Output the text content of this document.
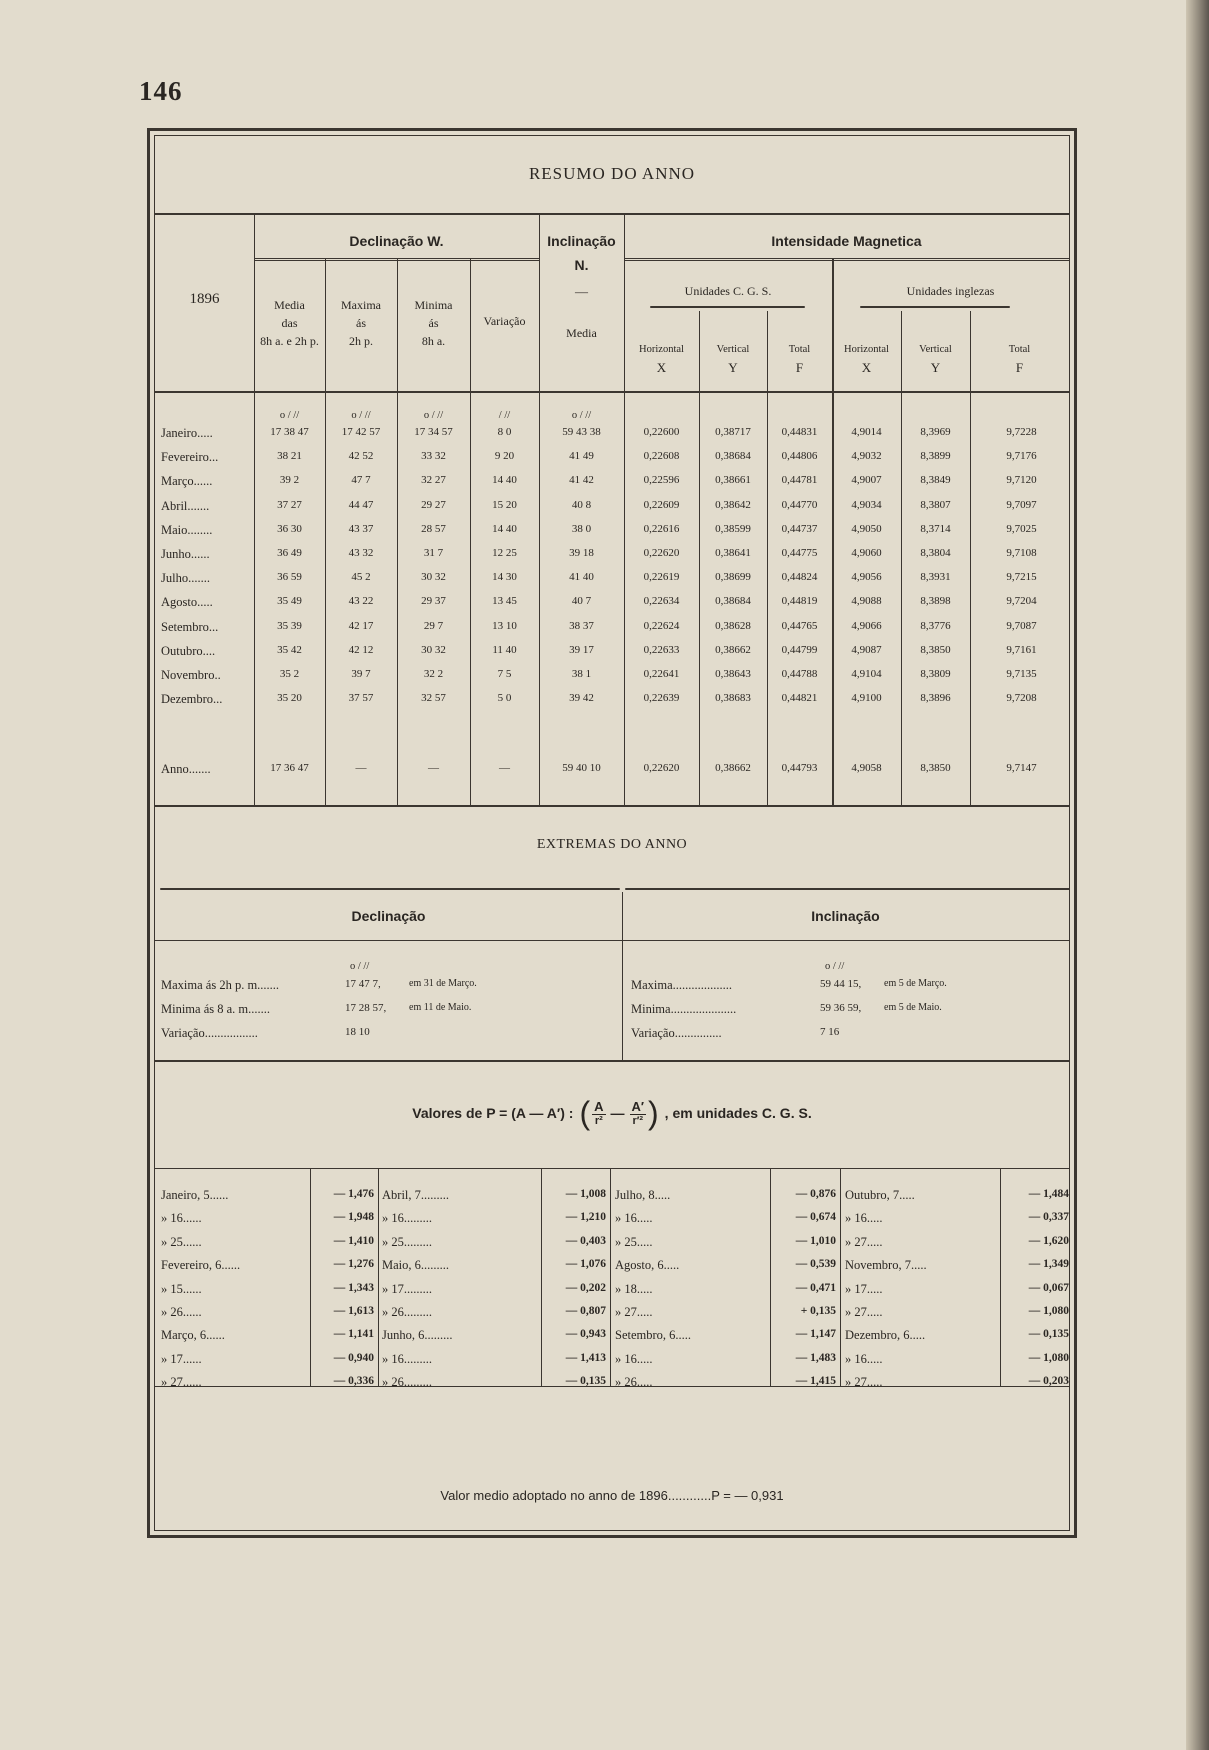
146
RESUMO DO ANNO
1896
Declinação W.	Inclinação
N.
—
Media
Intensidade Magnetica
Unidades C. G. S.	Unidades inglezas
Media
das
8h a. e 2h p.
Maxima
ás
2h p.
Minima
ás
8h a.
Variação
Horizontal
X
Vertical
Y
Total
F
Horizontal
X
Vertical
Y
Total
F
o / //	o / //	o / //	/ //	o / //
Janeiro.....	17 38 47	17 42 57	17 34 57	8 0	59 43 38	0,22600	0,38717	0,44831	4,9014	8,3969	9,7228
Fevereiro...	38 21	42 52	33 32	9 20	41 49	0,22608	0,38684	0,44806	4,9032	8,3899	9,7176
Março......	39 2	47 7	32 27	14 40	41 42	0,22596	0,38661	0,44781	4,9007	8,3849	9,7120
Abril.......	37 27	44 47	29 27	15 20	40 8	0,22609	0,38642	0,44770	4,9034	8,3807	9,7097
Maio........	36 30	43 37	28 57	14 40	38 0	0,22616	0,38599	0,44737	4,9050	8,3714	9,7025
Junho......	36 49	43 32	31 7	12 25	39 18	0,22620	0,38641	0,44775	4,9060	8,3804	9,7108
Julho.......	36 59	45 2	30 32	14 30	41 40	0,22619	0,38699	0,44824	4,9056	8,3931	9,7215
Agosto.....	35 49	43 22	29 37	13 45	40 7	0,22634	0,38684	0,44819	4,9088	8,3898	9,7204
Setembro...	35 39	42 17	29 7	13 10	38 37	0,22624	0,38628	0,44765	4,9066	8,3776	9,7087
Outubro....	35 42	42 12	30 32	11 40	39 17	0,22633	0,38662	0,44799	4,9087	8,3850	9,7161
Novembro..	35 2	39 7	32 2	7 5	38 1	0,22641	0,38643	0,44788	4,9104	8,3809	9,7135
Dezembro...	35 20	37 57	32 57	5 0	39 42	0,22639	0,38683	0,44821	4,9100	8,3896	9,7208
Anno.......	17 36 47	—	—	—	59 40 10	0,22620	0,38662	0,44793	4,9058	8,3850	9,7147
EXTREMAS DO ANNO
Declinação	Inclinação
o / //	o / //
Maxima ás 2h p. m.......	17 47 7,	em 31 de Março.
Minima ás 8 a. m.......	17 28 57, em 11 de Maio.
Variação.................	18 10
Maxima...................	59 44 15, em 5 de Março.
Minima.....................	59 36 59, em 5 de Maio.
Variação...............	7 16
Valores de P = (A — A′) : ( A
r² — A′
r′² ) , em unidades C. G. S.
Janeiro, 5......	— 1,476
» 16......	— 1,948
» 25......	— 1,410
Fevereiro, 6......	— 1,276
» 15......	— 1,343
» 26......	— 1,613
Março, 6......	— 1,141
» 17......	— 0,940
» 27......	— 0,336
Abril, 7.........	— 1,008
» 16.........	— 1,210
» 25.........	— 0,403
Maio, 6.........	— 1,076
» 17.........	— 0,202
» 26.........	— 0,807
Junho, 6.........	— 0,943
» 16.........	— 1,413
» 26.........	— 0,135
Julho, 8.....	— 0,876
» 16.....	— 0,674
» 25.....	— 1,010
Agosto, 6.....	— 0,539
» 18.....	— 0,471
» 27.....	+ 0,135
Setembro, 6.....	— 1,147
» 16.....	— 1,483
» 26.....	— 1,415
Outubro, 7.....	— 1,484
» 16.....	— 0,337
» 27.....	— 1,620
Novembro, 7.....	— 1,349
» 17.....	— 0,067
» 27.....	— 1,080
Dezembro, 6.....	— 0,135
» 16.....	— 1,080
» 27.....	— 0,203
Valor medio adoptado no anno de 1896............P = — 0,931
